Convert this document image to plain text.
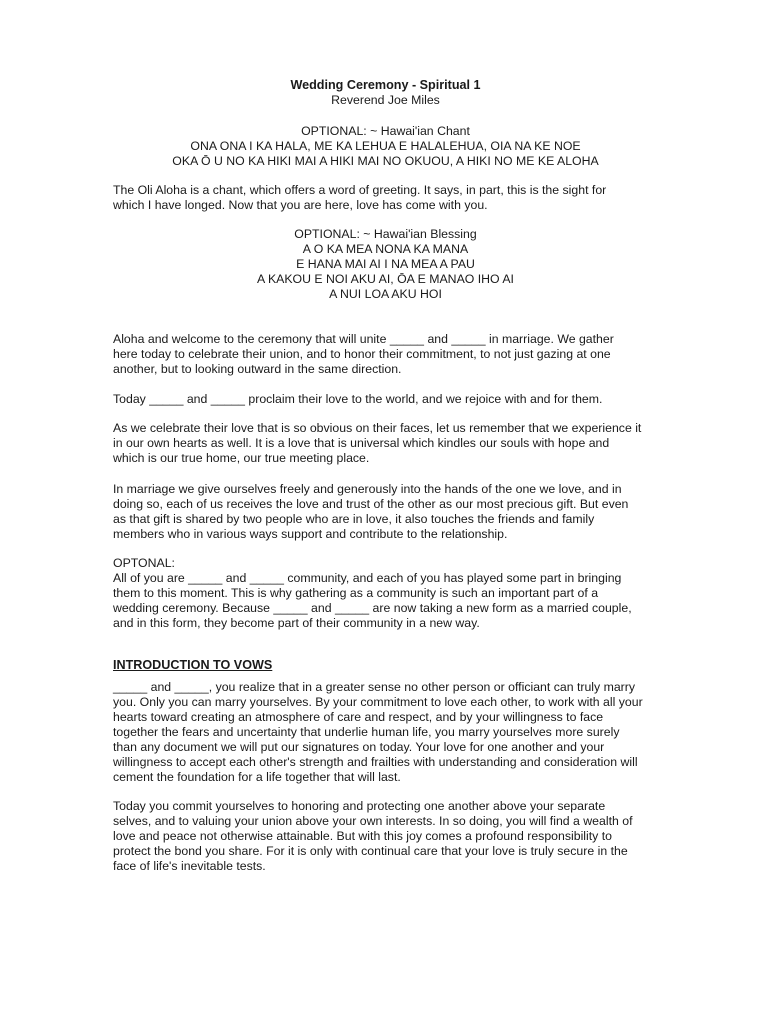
Wedding Ceremony - Spiritual 1
Reverend Joe Miles
OPTIONAL: ~ Hawai'ian Chant
ONA ONA I KA HALA, ME KA LEHUA E HALALEHUA, OIA NA KE NOE
OKA Ō U NO KA HIKI MAI A HIKI MAI NO OKUOU, A HIKI NO ME KE ALOHA
The Oli Aloha is a chant, which offers a word of greeting. It says, in part, this is the sight for
which I have longed. Now that you are here, love has come with you.
OPTIONAL: ~ Hawai'ian Blessing
A O KA MEA NONA KA MANA
E HANA MAI AI I NA MEA A PAU
A KAKOU E NOI AKU AI, ŌA E MANAO IHO AI
A NUI LOA AKU HOI
Aloha and welcome to the ceremony that will unite _____ and _____ in marriage. We gather
here today to celebrate their union, and to honor their commitment, to not just gazing at one
another, but to looking outward in the same direction.
Today _____ and _____ proclaim their love to the world, and we rejoice with and for them.
As we celebrate their love that is so obvious on their faces, let us remember that we experience it
in our own hearts as well. It is a love that is universal which kindles our souls with hope and
which is our true home, our true meeting place.
In marriage we give ourselves freely and generously into the hands of the one we love, and in
doing so, each of us receives the love and trust of the other as our most precious gift. But even
as that gift is shared by two people who are in love, it also touches the friends and family
members who in various ways support and contribute to the relationship.
OPTONAL:
All of you are _____ and _____ community, and each of you has played some part in bringing
them to this moment. This is why gathering as a community is such an important part of a
wedding ceremony. Because _____ and _____ are now taking a new form as a married couple,
and in this form, they become part of their community in a new way.
INTRODUCTION TO VOWS
_____ and _____, you realize that in a greater sense no other person or officiant can truly marry
you. Only you can marry yourselves. By your commitment to love each other, to work with all your
hearts toward creating an atmosphere of care and respect, and by your willingness to face
together the fears and uncertainty that underlie human life, you marry yourselves more surely
than any document we will put our signatures on today. Your love for one another and your
willingness to accept each other's strength and frailties with understanding and consideration will
cement the foundation for a life together that will last.
Today you commit yourselves to honoring and protecting one another above your separate
selves, and to valuing your union above your own interests. In so doing, you will find a wealth of
love and peace not otherwise attainable. But with this joy comes a profound responsibility to
protect the bond you share. For it is only with continual care that your love is truly secure in the
face of life's inevitable tests.
